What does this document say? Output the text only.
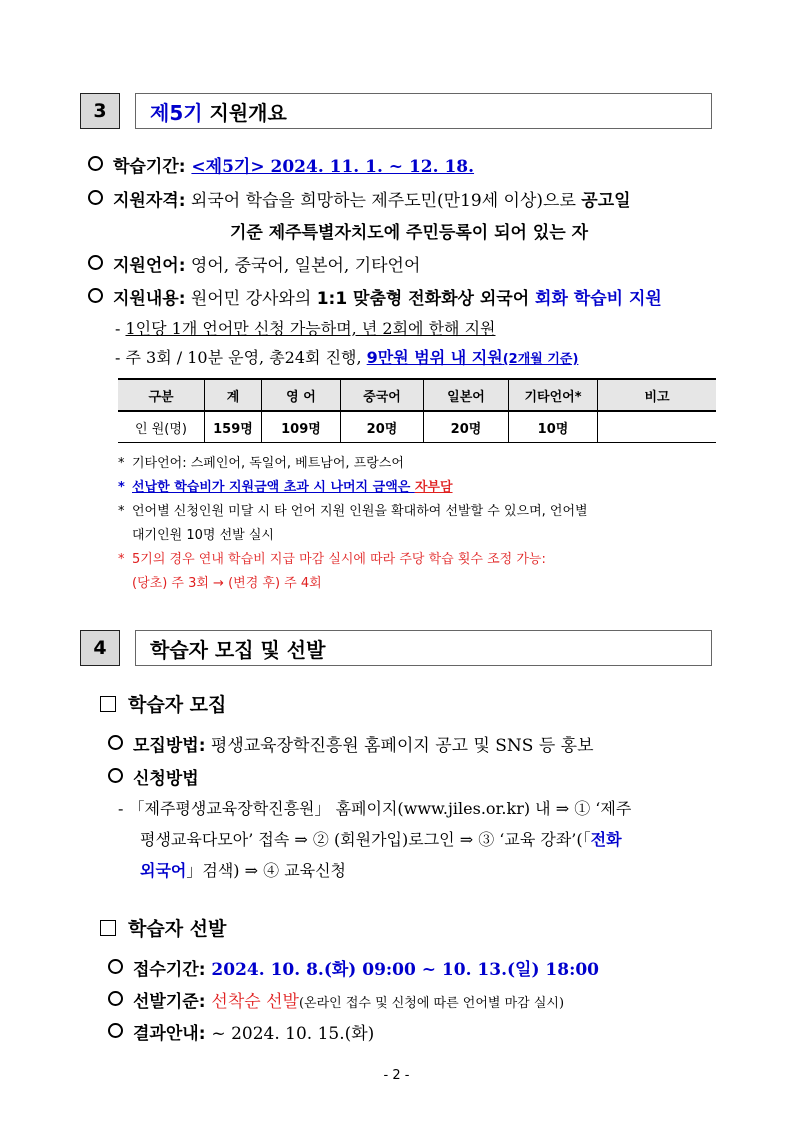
3	제5기 지원개요
학습기간: <제5기> 2024. 11. 1. ~ 12. 18.
지원자격: 외국어 학습을 희망하는 제주도민(만19세 이상)으로 공고일
기준 제주특별자치도에 주민등록이 되어 있는 자
지원언어: 영어, 중국어, 일본어, 기타언어
지원내용: 원어민 강사와의 1:1 맞춤형 전화화상 외국어 회화 학습비 지원
- 1인당 1개 언어만 신청 가능하며, 년 2회에 한해 지원
- 주 3회 / 10분 운영, 총24회 진행, 9만원 범위 내 지원(2개월 기준)
구분	계	영 어	중국어	일본어	기타언어*	비고
인 원(명)	159명	109명	20명	20명	10명	
* 기타언어: 스페인어, 독일어, 베트남어, 프랑스어
* 선납한 학습비가 지원금액 초과 시 나머지 금액은 자부담
* 언어별 신청인원 미달 시 타 언어 지원 인원을 확대하여 선발할 수 있으며, 언어별
대기인원 10명 선발 실시
* 5기의 경우 연내 학습비 지급 마감 실시에 따라 주당 학습 횟수 조정 가능:
(당초) 주 3회 → (변경 후) 주 4회
4	학습자 모집 및 선발
학습자 모집
모집방법: 평생교육장학진흥원 홈페이지 공고 및 SNS 등 홍보
신청방법
- 「제주평생교육장학진흥원」 홈페이지(www.jiles.or.kr) 내 ⇒ ① ‘제주
평생교육다모아’ 접속 ⇒ ② (회원가입)로그인 ⇒ ③ ‘교육 강좌’(「전화
외국어」검색) ⇒ ④ 교육신청
학습자 선발
접수기간: 2024. 10. 8.(화) 09:00 ~ 10. 13.(일) 18:00
선발기준: 선착순 선발(온라인 접수 및 신청에 따른 언어별 마감 실시)
결과안내: ~ 2024. 10. 15.(화)
- 2 -
